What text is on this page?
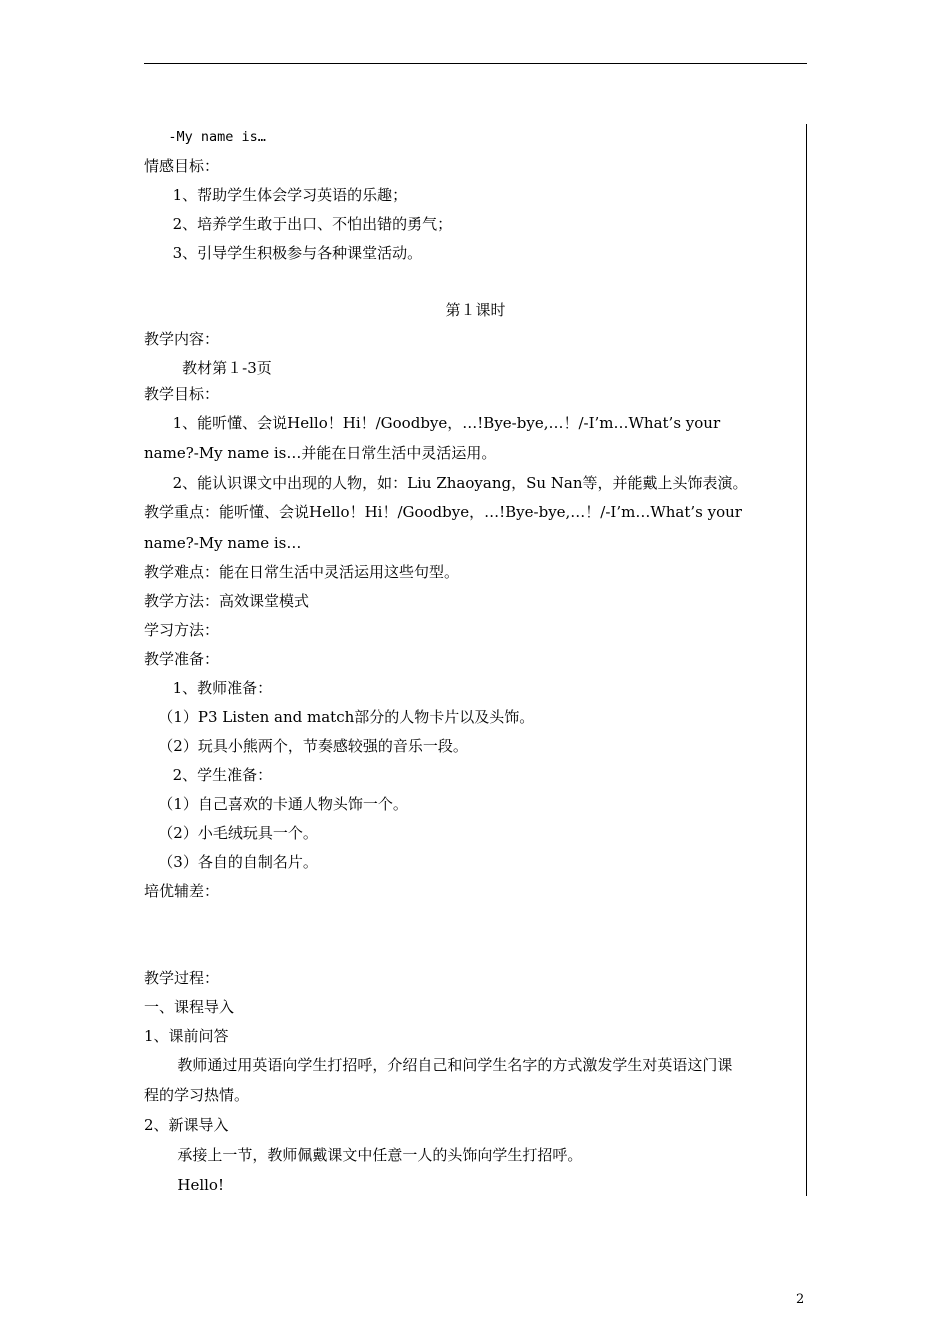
-My name is…
情感目标：
1、帮助学生体会学习英语的乐趣；
2、培养学生敢于出口、不怕出错的勇气；
3、引导学生积极参与各种课堂活动。
第１课时
教学内容：
教材第１-3页
教学目标：
1、能听懂、会说Hello！Hi！/Goodbye，…!Bye-bye,…！/-I’m…What’s your
name?-My name is…并能在日常生活中灵活运用。
2、能认识课文中出现的人物，如：Liu Zhaoyang，Su Nan等，并能戴上头饰表演。
教学重点：能听懂、会说Hello！Hi！/Goodbye，…!Bye-bye,…！/-I’m…What’s your
name?-My name is…
教学难点：能在日常生活中灵活运用这些句型。
教学方法：高效课堂模式
学习方法：
教学准备：
1、教师准备：
（1）P3 Listen and match部分的人物卡片以及头饰。
（2）玩具小熊两个，节奏感较强的音乐一段。
2、学生准备：
（1）自己喜欢的卡通人物头饰一个。
（2）小毛绒玩具一个。
（3）各自的自制名片。
培优辅差：
教学过程：
一、课程导入
1、课前问答
教师通过用英语向学生打招呼，介绍自己和问学生名字的方式激发学生对英语这门课
程的学习热情。
2、新课导入
承接上一节，教师佩戴课文中任意一人的头饰向学生打招呼。
Hello!
2
